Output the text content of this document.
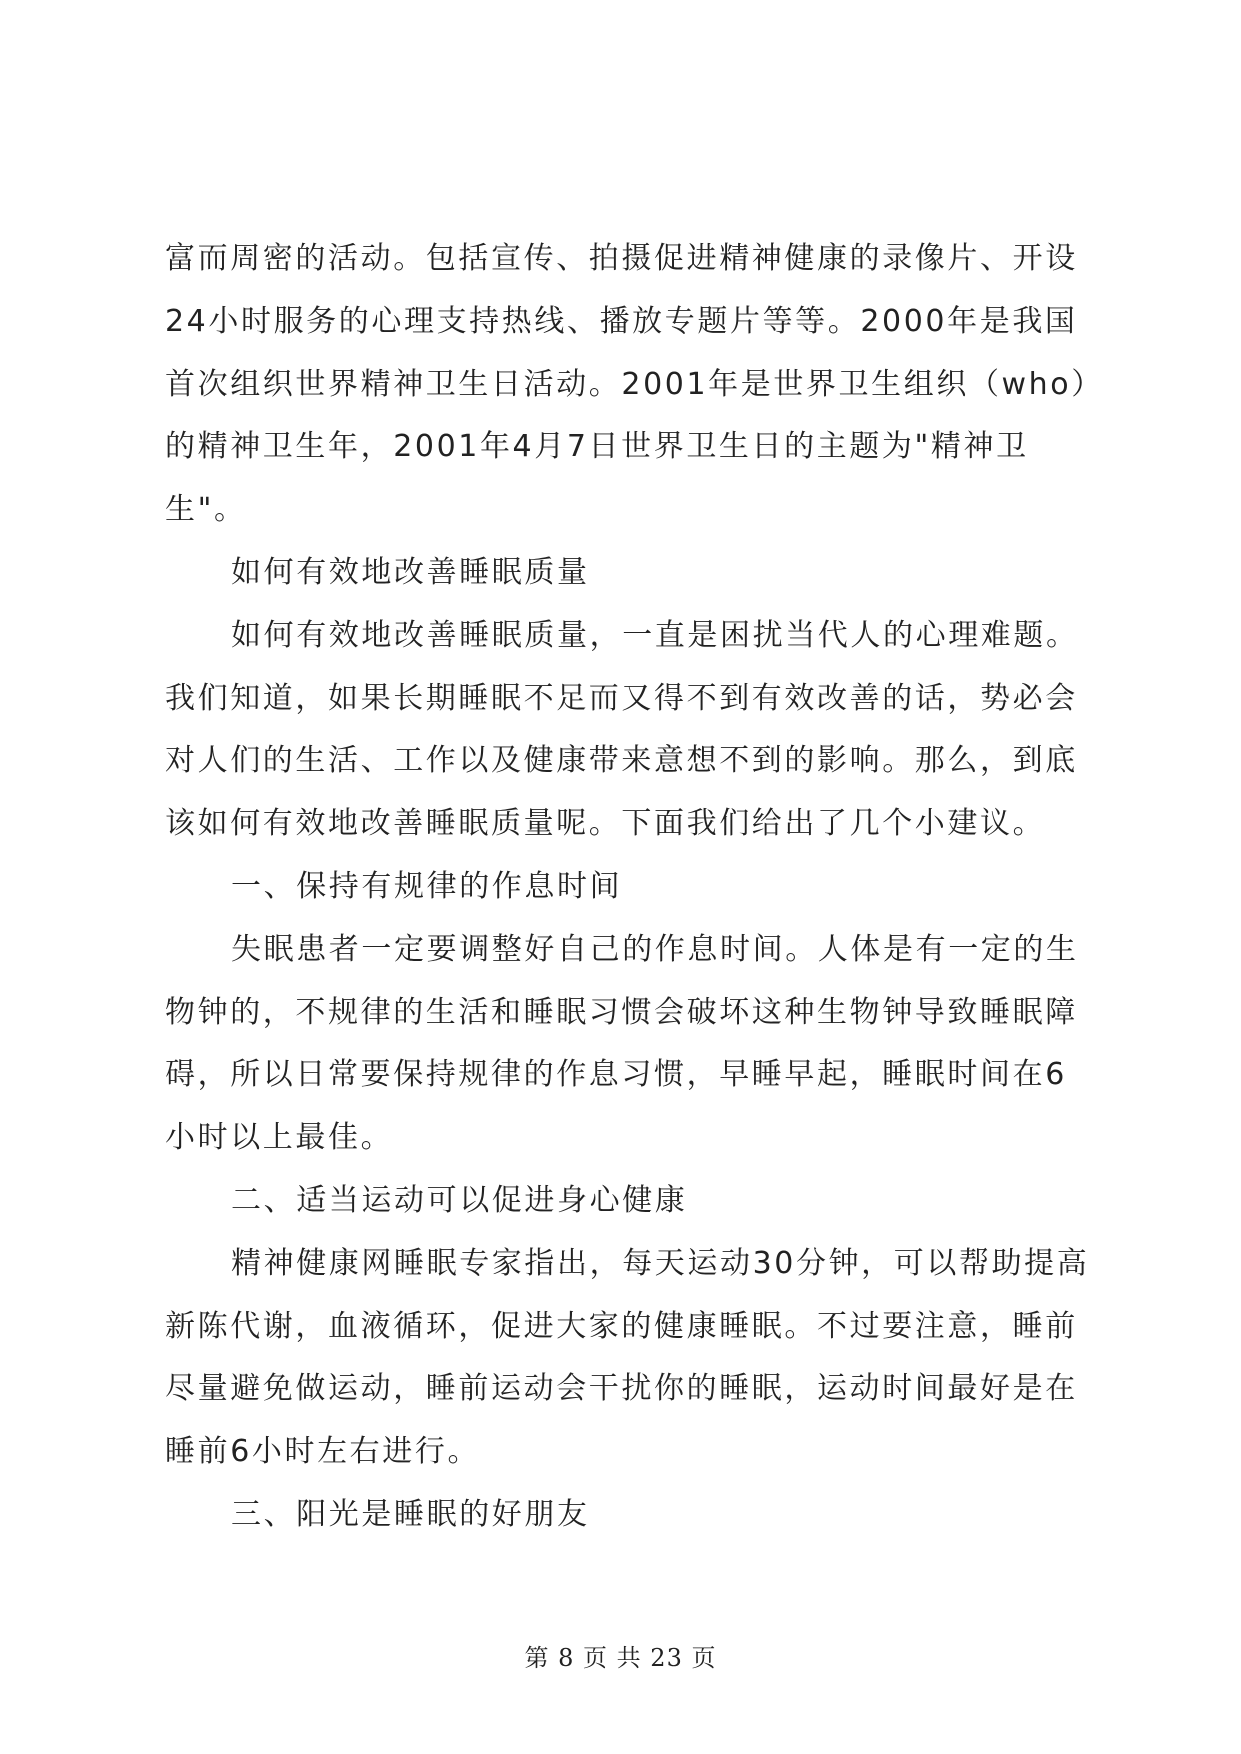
富而周密的活动。包括宣传、拍摄促进精神健康的录像片、开设24小时服务的心理支持热线、播放专题片等等。2000年是我国首次组织世界精神卫生日活动。2001年是世界卫生组织（who）的精神卫生年，2001年4月7日世界卫生日的主题为"精神卫生"。

如何有效地改善睡眠质量

如何有效地改善睡眠质量，一直是困扰当代人的心理难题。我们知道，如果长期睡眠不足而又得不到有效改善的话，势必会对人们的生活、工作以及健康带来意想不到的影响。那么，到底该如何有效地改善睡眠质量呢。下面我们给出了几个小建议。

一、保持有规律的作息时间

失眠患者一定要调整好自己的作息时间。人体是有一定的生物钟的，不规律的生活和睡眠习惯会破坏这种生物钟导致睡眠障碍，所以日常要保持规律的作息习惯，早睡早起，睡眠时间在6小时以上最佳。

二、适当运动可以促进身心健康

精神健康网睡眠专家指出，每天运动30分钟，可以帮助提高新陈代谢，血液循环，促进大家的健康睡眠。不过要注意，睡前尽量避免做运动，睡前运动会干扰你的睡眠，运动时间最好是在睡前6小时左右进行。

三、阳光是睡眠的好朋友

第 8 页 共 23 页
